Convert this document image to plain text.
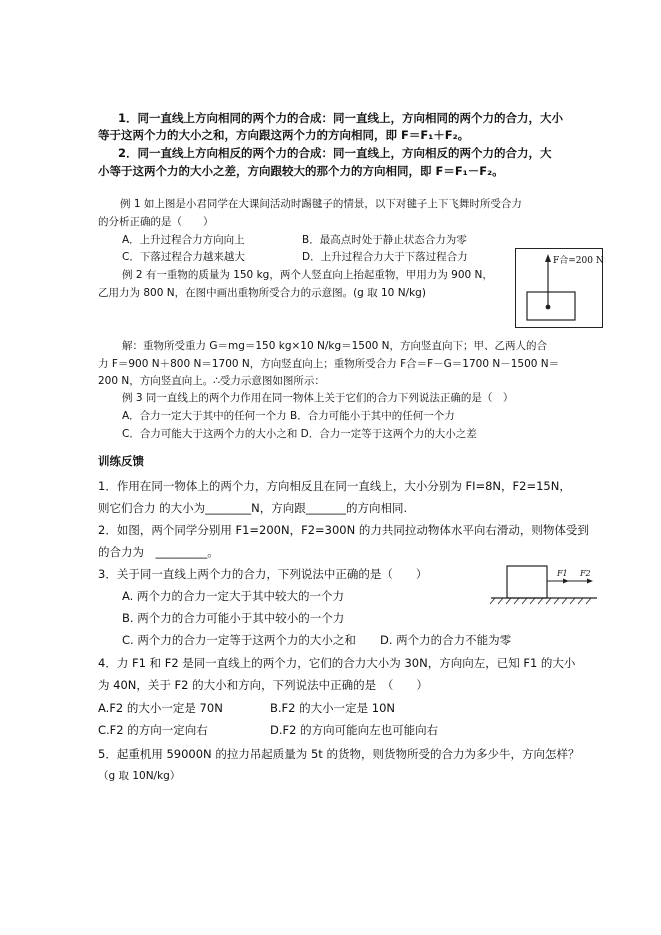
1．同一直线上方向相同的两个力的合成：同一直线上，方向相同的两个力的合力，大小
等于这两个力的大小之和，方向跟这两个力的方向相同，即 F＝F₁＋F₂。
2．同一直线上方向相反的两个力的合成：同一直线上，方向相反的两个力的合力，大
小等于这两个力的大小之差，方向跟较大的那个力的方向相同，即 F＝F₁－F₂。
例 1 如上图是小君同学在大课间活动时踢毽子的情景，以下对毽子上下飞舞时所受合力
的分析正确的是（　　）
A．上升过程合力方向向上	B．最高点时处于静止状态合力为零
C．下落过程合力越来越大	D．上升过程合力大于下落过程合力
例 2 有一重物的质量为 150 kg，两个人竖直向上抬起重物，甲用力为 900 N，
乙用力为 800 N，在图中画出重物所受合力的示意图。(g 取 10 N/kg)
F合=200 N
解：重物所受重力 G＝mg＝150 kg×10 N/kg＝1500 N，方向竖直向下；甲、乙两人的合
力 F＝900 N＋800 N＝1700 N，方向竖直向上；重物所受合力 F合＝F－G＝1700 N－1500 N＝
200 N，方向竖直向上。∴受力示意图如图所示：
例 3 同一直线上的两个力作用在同一物体上关于它们的合力下列说法正确的是（　）
A．合力一定大于其中的任何一个力 B．合力可能小于其中的任何一个力
C．合力可能大于这两个力的大小之和 D．合力一定等于这两个力的大小之差
训练反馈
1．作用在同一物体上的两个力，方向相反且在同一直线上，大小分别为 FI=8N，F2=15N，
则它们合力 的大小为________N，方向跟_______的方向相同.
2．如图，两个同学分别用 F1=200N，F2=300N 的力共同拉动物体水平向右滑动，则物体受到
的合力为　_________。
3．关于同一直线上两个力的合力，下列说法中正确的是（　　）	F1 F2
A. 两个力的合力一定大于其中较大的一个力
B. 两个力的合力可能小于其中较小的一个力
C. 两个力的合力一定等于这两个力的大小之和 D. 两个力的合力不能为零
4．力 F1 和 F2 是同一直线上的两个力，它们的合力大小为 30N，方向向左，已知 F1 的大小
为 40N，关于 F2 的大小和方向，下列说法中正确的是　（　　）
A.F2 的大小一定是 70N	B.F2 的大小一定是 10N
C.F2 的方向一定向右	D.F2 的方向可能向左也可能向右
5．起重机用 59000N 的拉力吊起质量为 5t 的货物，则货物所受的合力为多少牛，方向怎样？
（g 取 10N/kg）
